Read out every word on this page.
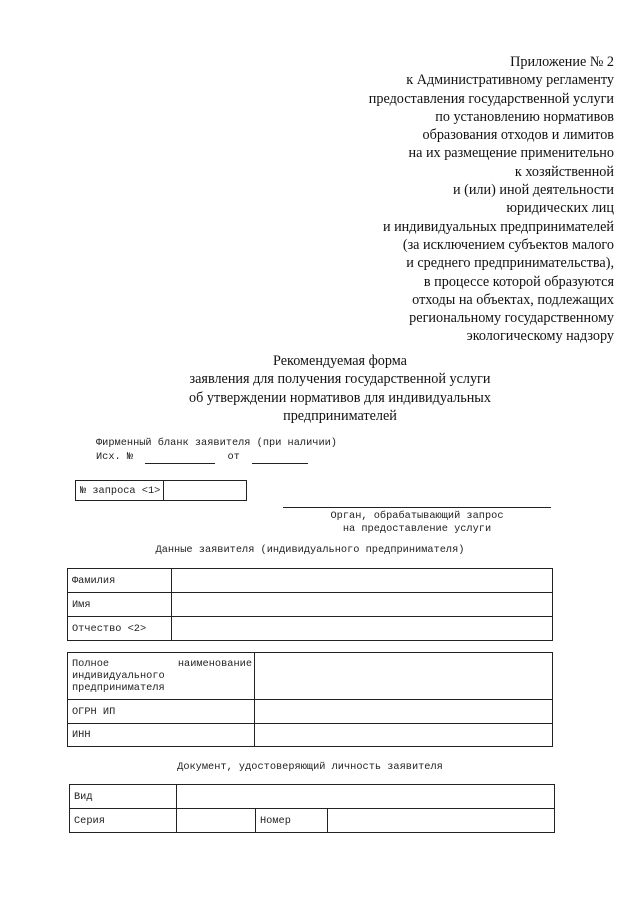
Приложение № 2
к Административному регламенту
предоставления государственной услуги
по установлению нормативов
образования отходов и лимитов
на их размещение применительно
к хозяйственной
и (или) иной деятельности
юридических лиц
и индивидуальных предпринимателей
(за исключением субъектов малого
и среднего предпринимательства),
в процессе которой образуются
отходы на объектах, подлежащих
региональному государственному
экологическому надзору
Рекомендуемая форма
заявления для получения государственной услуги
об утверждении нормативов для индивидуальных
предпринимателей
Фирменный бланк заявителя (при наличии)
Исх. №	от
№ запроса <1>
Орган, обрабатывающий запрос
на предоставление услуги
Данные заявителя (индивидуального предпринимателя)
Фамилия	
Имя	
Отчество <2>	
Полное наименование
индивидуального
предпринимателя	

ОГРН ИП	
ИНН	
Документ, удостоверяющий личность заявителя
Вид			
Серия		Номер	
